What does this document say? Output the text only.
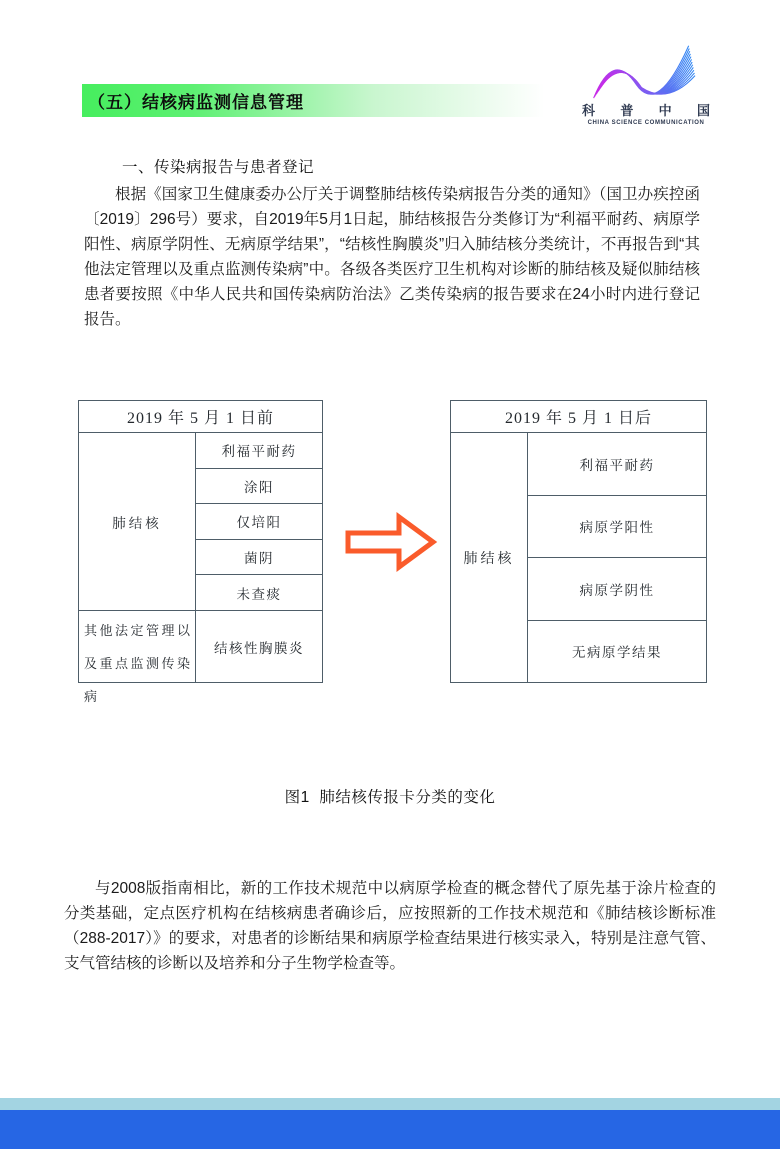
（五）结核病监测信息管理	科 普 中 国
CHINA SCIENCE COMMUNICATION
一、传染病报告与患者登记
根据《国家卫生健康委办公厅关于调整肺结核传染病报告分类的通知》（国卫办疾控函〔2019〕296号）要求，自2019年5月1日起，肺结核报告分类修订为“利福平耐药、病原学阳性、病原学阴性、无病原学结果”，“结核性胸膜炎”归入肺结核分类统计，不再报告到“其他法定管理以及重点监测传染病”中。各级各类医疗卫生机构对诊断的肺结核及疑似肺结核患者要按照《中华人民共和国传染病防治法》乙类传染病的报告要求在24小时内进行登记报告。
2019 年 5 月 1 日前
肺结核
利福平耐药
涂阳
仅培阳
菌阴
未查痰
其他法定管理以及重点监测传染病
结核性胸膜炎
2019 年 5 月 1 日后
肺结核
利福平耐药
病原学阳性
病原学阴性
无病原学结果
图1  肺结核传报卡分类的变化
与2008版指南相比，新的工作技术规范中以病原学检查的概念替代了原先基于涂片检查的分类基础，定点医疗机构在结核病患者确诊后，应按照新的工作技术规范和《肺结核诊断标准（288-2017）》的要求，对患者的诊断结果和病原学检查结果进行核实录入，特别是注意气管、支气管结核的诊断以及培养和分子生物学检查等。
